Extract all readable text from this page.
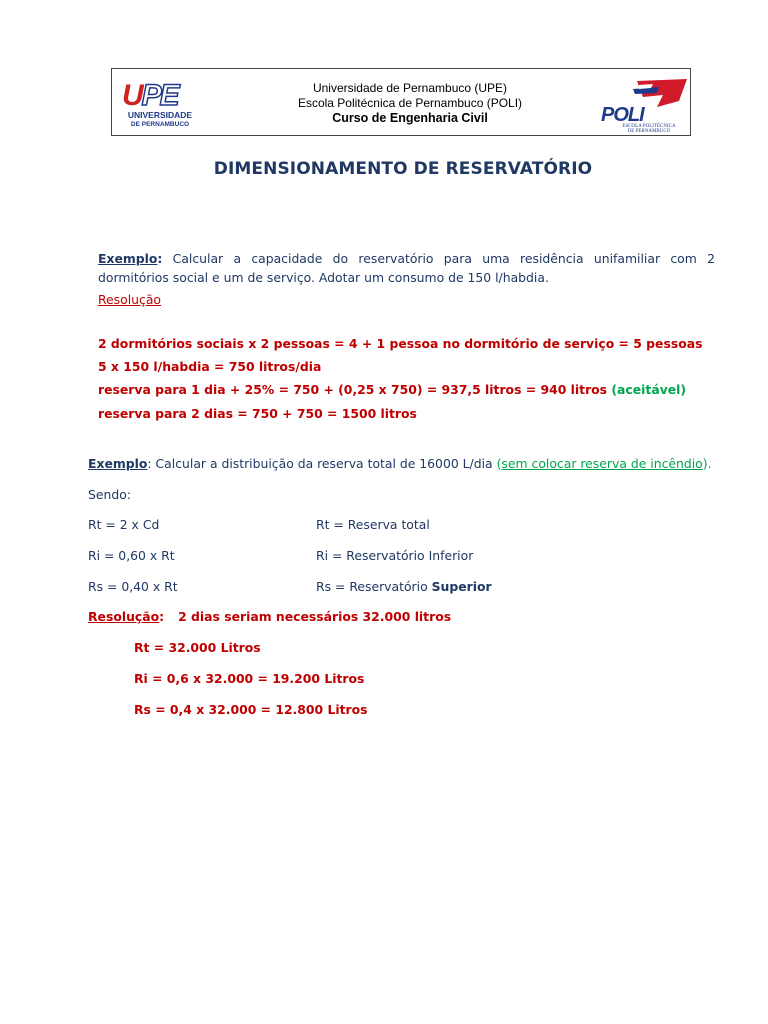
UPE
UNIVERSIDADE
DE PERNAMBUCO
Universidade de Pernambuco (UPE)
Escola Politécnica de Pernambuco (POLI)
Curso de Engenharia Civil	POLI
ESCOLA POLITÉCNICA
DE PERNAMBUCO
DIMENSIONAMENTO DE RESERVATÓRIO
Exemplo: Calcular a capacidade do reservatório para uma residência unifamiliar com 2 dormitórios social e um de serviço. Adotar um consumo de 150 l/habdia.
Resolução
2 dormitórios sociais x 2 pessoas = 4 + 1 pessoa no dormitório de serviço = 5 pessoas
5 x 150 l/habdia = 750 litros/dia
reserva para 1 dia + 25% = 750 + (0,25 x 750) = 937,5 litros = 940 litros (aceitável)
reserva para 2 dias = 750 + 750 = 1500 litros
Exemplo: Calcular a distribuição da reserva total de 16000 L/dia (sem colocar reserva de incêndio).
Sendo:
Rt = 2 x Cd	Rt = Reserva total
Ri = 0,60 x Rt	Ri = Reservatório Inferior
Rs = 0,40 x Rt	Rs = Reservatório Superior
Resolução: 2 dias seriam necessários 32.000 litros
Rt = 32.000 Litros
Ri = 0,6 x 32.000 = 19.200 Litros
Rs = 0,4 x 32.000 = 12.800 Litros
